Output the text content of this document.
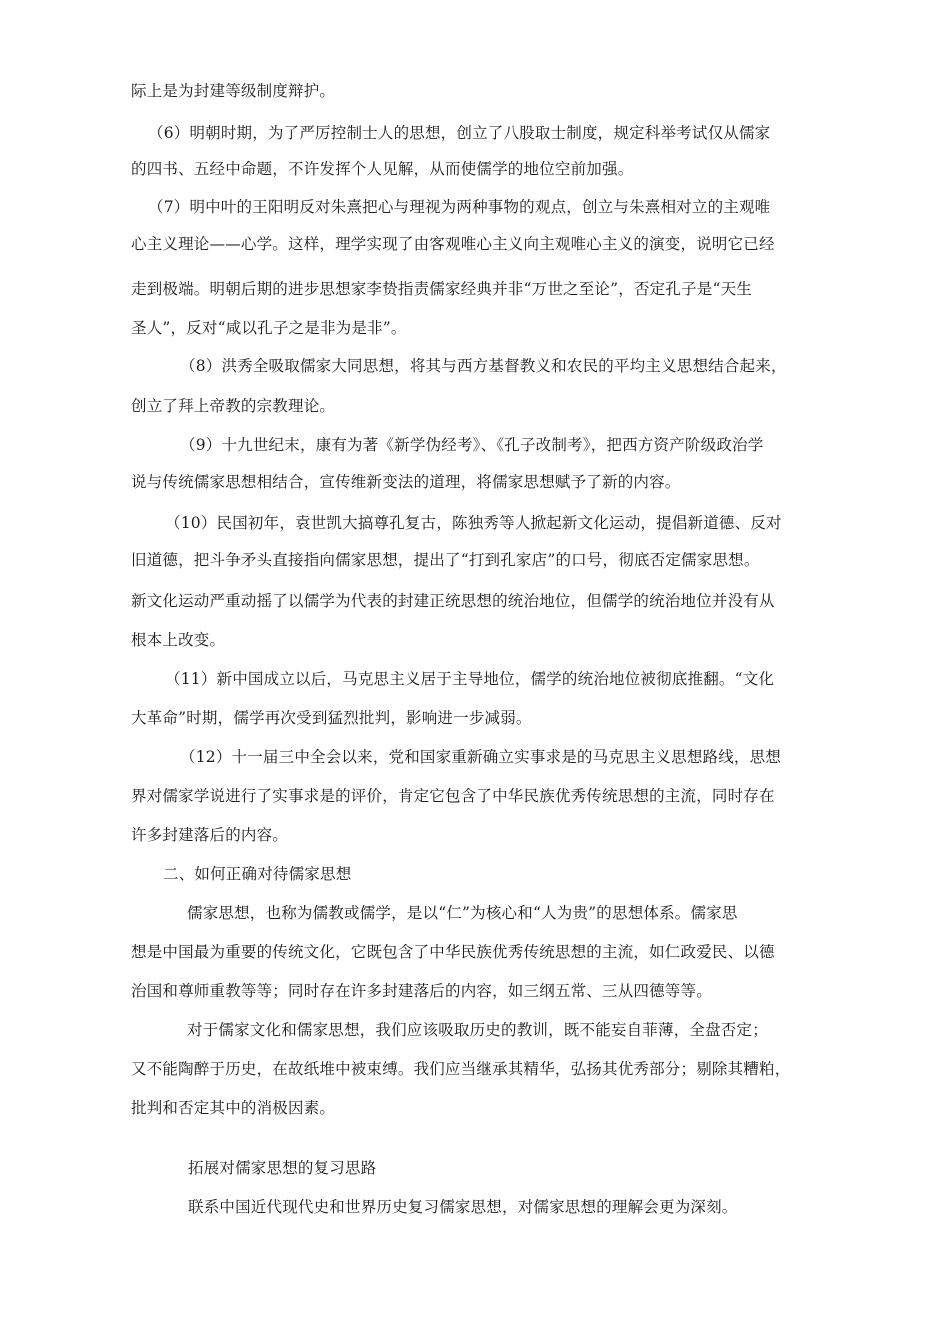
际上是为封建等级制度辩护。
（6）明朝时期，为了严厉控制士人的思想，创立了八股取士制度，规定科举考试仅从儒家
的四书、五经中命题，不许发挥个人见解，从而使儒学的地位空前加强。
（7）明中叶的王阳明反对朱熹把心与理视为两种事物的观点，创立与朱熹相对立的主观唯
心主义理论——心学。这样，理学实现了由客观唯心主义向主观唯心主义的演变，说明它已经
走到极端。明朝后期的进步思想家李贽指责儒家经典并非“万世之至论”，否定孔子是“天生
圣人”，反对“咸以孔子之是非为是非”。
（8）洪秀全吸取儒家大同思想，将其与西方基督教义和农民的平均主义思想结合起来，
创立了拜上帝教的宗教理论。
（9）十九世纪末，康有为著《新学伪经考》、《孔子改制考》，把西方资产阶级政治学
说与传统儒家思想相结合，宣传维新变法的道理，将儒家思想赋予了新的内容。
（10）民国初年，袁世凯大搞尊孔复古，陈独秀等人掀起新文化运动，提倡新道德、反对
旧道德，把斗争矛头直接指向儒家思想，提出了“打到孔家店”的口号，彻底否定儒家思想。
新文化运动严重动摇了以儒学为代表的封建正统思想的统治地位，但儒学的统治地位并没有从
根本上改变。
（11）新中国成立以后，马克思主义居于主导地位，儒学的统治地位被彻底推翻。“文化
大革命”时期，儒学再次受到猛烈批判，影响进一步减弱。
（12）十一届三中全会以来，党和国家重新确立实事求是的马克思主义思想路线，思想
界对儒家学说进行了实事求是的评价，肯定它包含了中华民族优秀传统思想的主流，同时存在
许多封建落后的内容。
二、如何正确对待儒家思想
儒家思想，也称为儒教或儒学，是以“仁”为核心和“人为贵”的思想体系。儒家思
想是中国最为重要的传统文化，它既包含了中华民族优秀传统思想的主流，如仁政爱民、以德
治国和尊师重教等等；同时存在许多封建落后的内容，如三纲五常、三从四德等等。
对于儒家文化和儒家思想，我们应该吸取历史的教训，既不能妄自菲薄，全盘否定；
又不能陶醉于历史，在故纸堆中被束缚。我们应当继承其精华，弘扬其优秀部分；剔除其糟粕，
批判和否定其中的消极因素。
拓展对儒家思想的复习思路
联系中国近代现代史和世界历史复习儒家思想，对儒家思想的理解会更为深刻。
